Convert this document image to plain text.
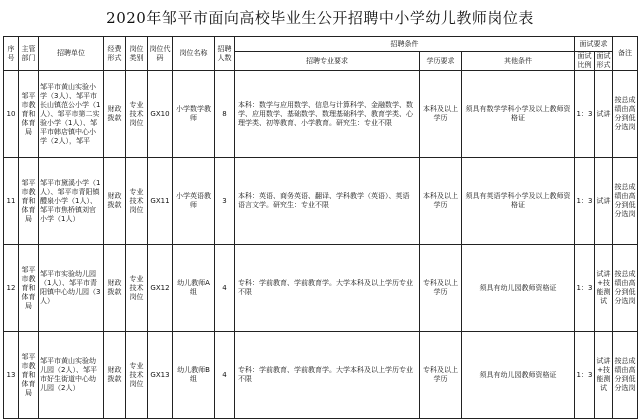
2020年邹平市面向高校毕业生公开招聘中小学幼儿教师岗位表
序号	主管部门	招聘单位	经费形式	岗位类别	岗位代码	岗位名称	招聘人数	招聘条件			面试要求		备注
								招聘专业要求	学历要求	其他条件	面试比例	面试形式	
10	邹平市教育和体育局	邹平市黄山实验小学（3人）、邹平市长山镇范公小学（1人）、邹平市第二实验小学（1人）、邹平市韩店镇中心小学（2人），邹平	财政拨款	专业技术岗位	GX10	小学数学教师	8	本科：数学与应用数学、信息与计算科学、金融数学、数学、应用数学、基础数学、数理基础科学、教育学类、心理学类、初等教育、小学教育。研究生：专业不限	本科及以上学历	须具有数学学科小学及以上教师资格证	1：3	试讲	按总成绩由高分到低分选岗
11	邹平市教育和体育局	邹平市黛溪小学（1人）、邹平市青阳镇醴泉小学（1人）、邹平市焦桥镇刘官小学（1人）	财政拨款	专业技术岗位	GX11	小学英语教师	3	本科：英语、商务英语、翻译、学科教学（英语）、英语语言文学。研究生：专业不限	本科及以上学历	须具有英语学科小学及以上教师资格证	1：3	试讲	按总成绩由高分到低分选岗
12	邹平市教育和体育局	邹平市实验幼儿园（1人）、邹平市青阳镇中心幼儿园（3人）	财政拨款	专业技术岗位	GX12	幼儿教师A组	4	专科：学前教育、学前教育学。大学本科及以上学历专业不限	专科及以上学历	须具有幼儿园教师资格证	1：3	试讲+技能测试	按总成绩由高分到低分选岗
13	邹平市教育和体育局	邹平市黄山实验幼儿园（2人）、邹平市好生街道中心幼儿园（2人）	财政拨款	专业技术岗位	GX13	幼儿教师B组	4	专科：学前教育、学前教育学。大学本科及以上学历专业不限	专科及以上学历	须具有幼儿园教师资格证	1：3	试讲+技能测试	按总成绩由高分到低分选岗
